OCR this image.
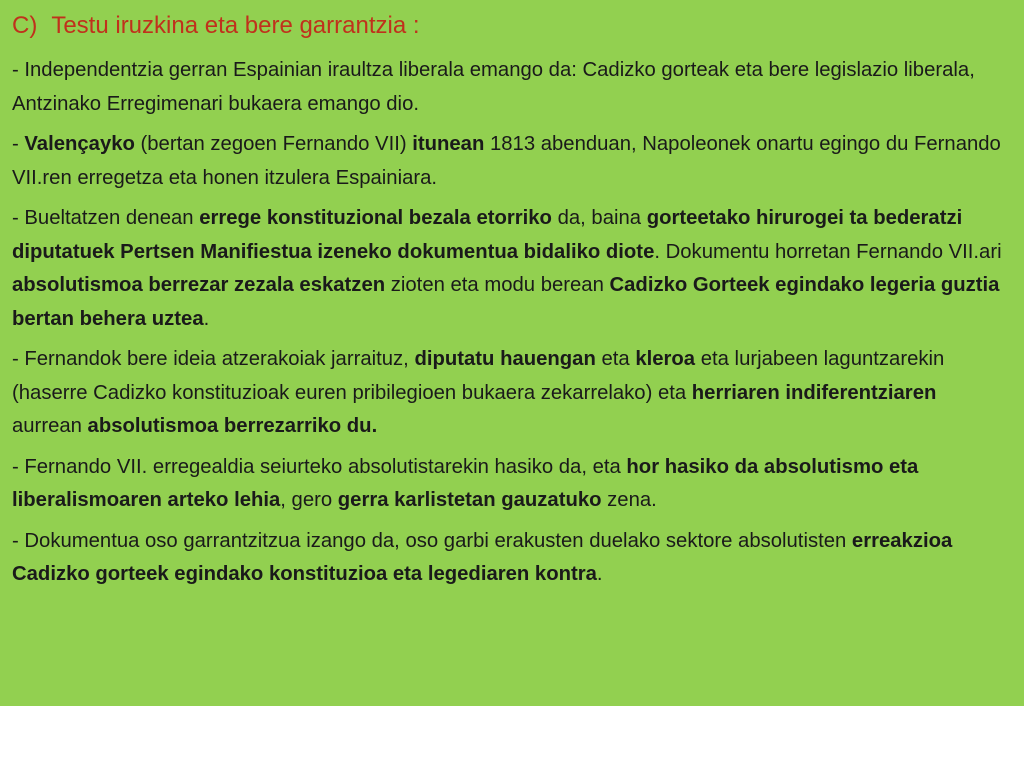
C) Testu iruzkina eta bere garrantzia :

- Independentzia gerran Espainian iraultza liberala emango da: Cadizko gorteak eta bere legislazio liberala, Antzinako Erregimenari bukaera emango dio.

- Valençayko (bertan zegoen Fernando VII) itunean 1813 abenduan, Napoleonek onartu egingo du Fernando VII.ren erregetza eta honen itzulera Espainiara.

- Bueltatzen denean errege konstituzional bezala etorriko da, baina gorteetako hirurogei ta bederatzi diputatuek Pertsen Manifiestua izeneko dokumentua bidaliko diote. Dokumentu horretan Fernando VII.ari absolutismoa berrezar zezala eskatzen zioten eta modu berean Cadizko Gorteek egindako legeria guztia bertan behera uztea.

- Fernandok bere ideia atzerakoiak jarraituz, diputatu hauengan eta kleroa eta lurjabeen laguntzarekin (haserre Cadizko konstituzioak euren pribilegioen bukaera zekarrelako) eta herriaren indiferentziaren aurrean absolutismoa berrezarriko du.

- Fernando VII. erregealdia seiurteko absolutistarekin hasiko da, eta hor hasiko da absolutismo eta liberalismoaren arteko lehia, gero gerra karlistetan gauzatuko zena.

- Dokumentua oso garrantzitzua izango da, oso garbi erakusten duelako sektore absolutisten erreakzioa Cadizko gorteek egindako konstituzioa eta legediaren kontra.
